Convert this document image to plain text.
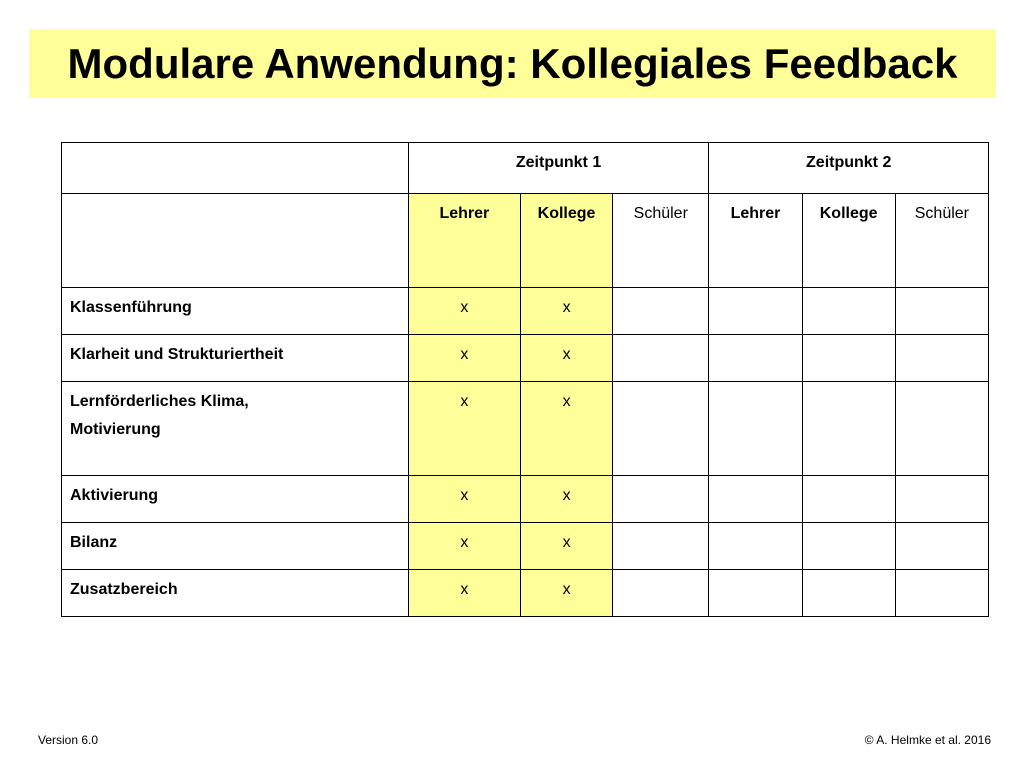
Modulare Anwendung: Kollegiales Feedback
	Zeitpunkt 1			Zeitpunkt 2		
	Lehrer	Kollege	Schüler	Lehrer	Kollege	Schüler

Klassenführung	x	x				

Klarheit und Strukturiertheit	x	x				

Lernförderliches Klima,
Motivierung	x	x				

Aktivierung	x	x				

Bilanz	x	x				

Zusatzbereich	x	x				
Version 6.0	© A. Helmke et al. 2016
